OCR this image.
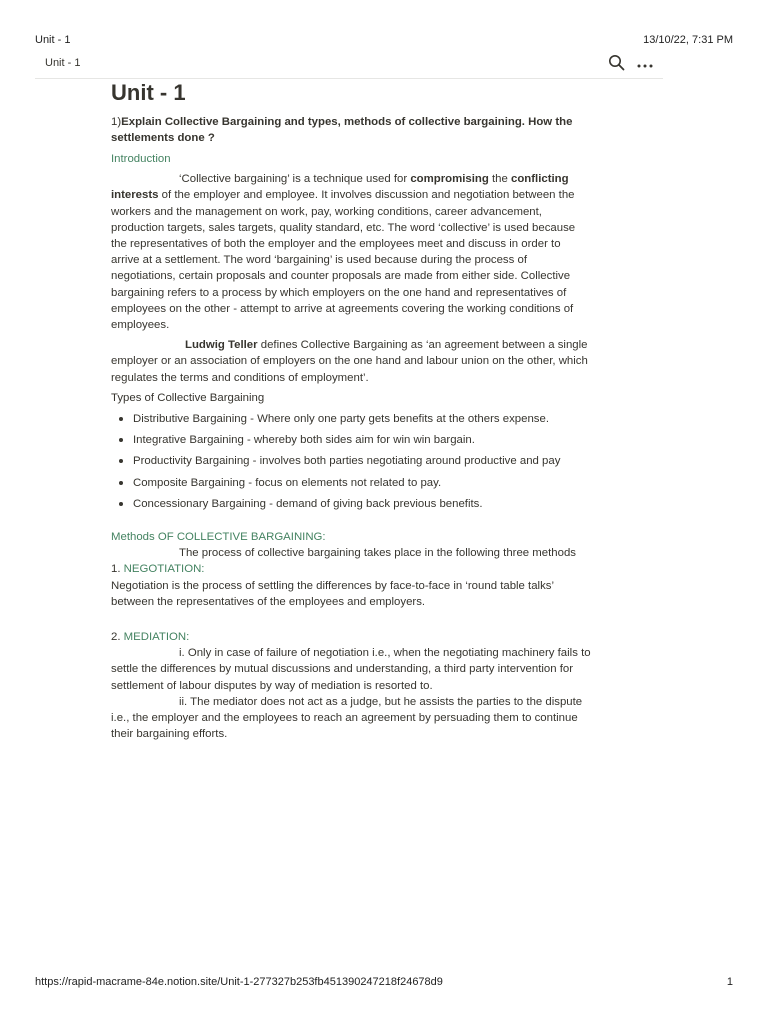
Unit - 1	13/10/22, 7:31 PM
Unit - 1

Unit - 1

1)Explain Collective Bargaining and types, methods of collective bargaining. How the settlements done ?

Introduction

‘Collective bargaining’ is a technique used for compromising the conflicting interests of the employer and employee. It involves discussion and negotiation between the workers and the management on work, pay, working conditions, career advancement, production targets, sales targets, quality standard, etc. The word ‘collective’ is used because the representatives of both the employer and the employees meet and discuss in order to arrive at a settlement. The word ‘bargaining’ is used because during the process of negotiations, certain proposals and counter proposals are made from either side. Collective bargaining refers to a process by which employers on the one hand and representatives of employees on the other - attempt to arrive at agreements covering the working conditions of employees.

Ludwig Teller defines Collective Bargaining as ‘an agreement between a single employer or an association of employers on the one hand and labour union on the other, which regulates the terms and conditions of employment’.

Types of Collective Bargaining

Distributive Bargaining - Where only one party gets benefits at the others expense.
Integrative Bargaining - whereby both sides aim for win win bargain.
Productivity Bargaining - involves both parties negotiating around productive and pay
Composite Bargaining - focus on elements not related to pay.
Concessionary Bargaining - demand of giving back previous benefits.

Methods OF COLLECTIVE BARGAINING:

The process of collective bargaining takes place in the following three methods

1. NEGOTIATION:

Negotiation is the process of settling the differences by face-to-face in ‘round table talks’ between the representatives of the employees and employers.

2. MEDIATION:

i. Only in case of failure of negotiation i.e., when the negotiating machinery fails to settle the differences by mutual discussions and understanding, a third party intervention for settlement of labour disputes by way of mediation is resorted to.

ii. The mediator does not act as a judge, but he assists the parties to the dispute i.e., the employer and the employees to reach an agreement by persuading them to continue their bargaining efforts.

https://rapid-macrame-84e.notion.site/Unit-1-277327b253fb451390247218f24678d9	1
